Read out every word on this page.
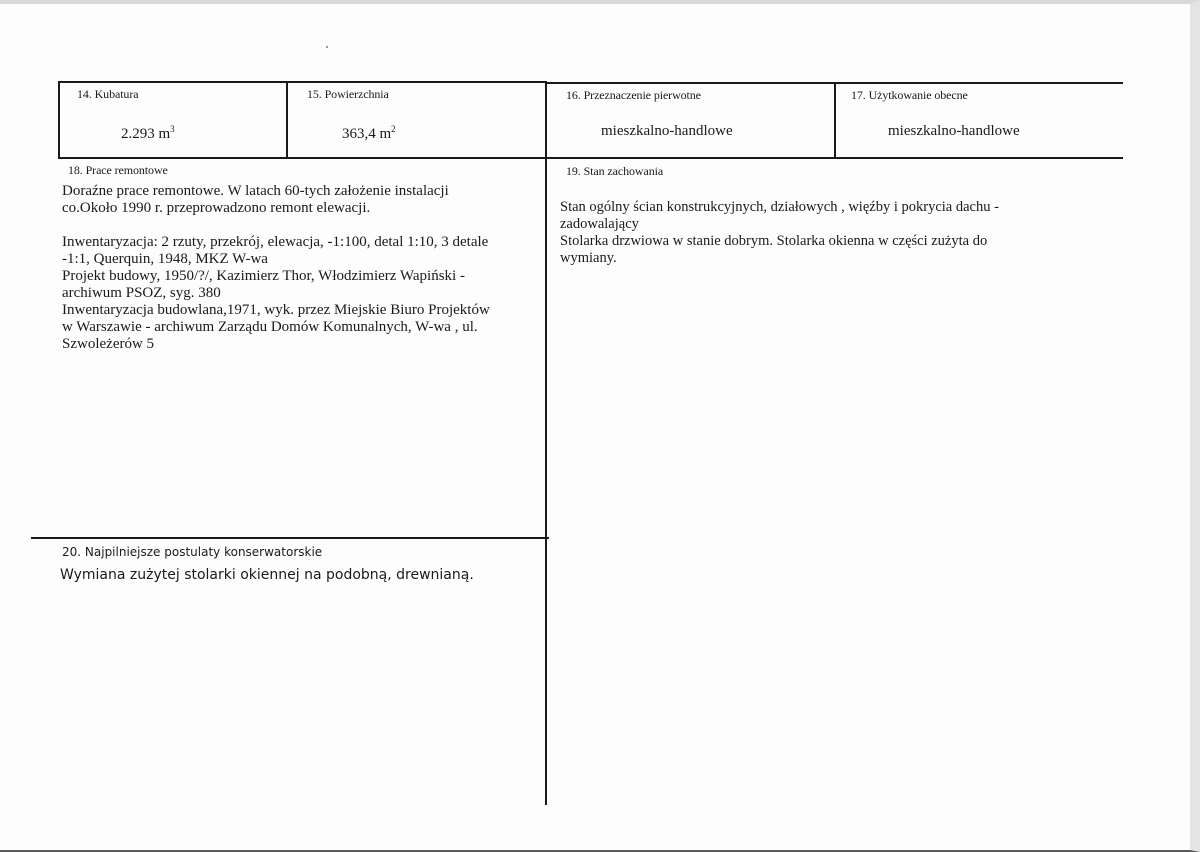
14. Kubatura
2.293 $m^3$
15. Powierzchnia
363,4 $m^2$
16. Przeznaczenie pierwotne
mieszkalno-handlowe
17. Użytkowanie obecne
mieszkalno-handlowe
18. Prace remontowe

Doraźne prace remontowe. W latach 60-tych założenie instalacji

co.Około 1990 r. przeprowadzono remont elewacji.

Inwentaryzacja: 2 rzuty, przekrój, elewacja, -1:100, detal 1:10, 3 detale

-1:1, Querquin, 1948, MKZ W-wa

Projekt budowy, 1950/?/, Kazimierz Thor, Włodzimierz Wapiński -

archiwum PSOZ, syg. 380

Inwentaryzacja budowlana,1971, wyk. przez Miejskie Biuro Projektów

w Warszawie - archiwum Zarządu Domów Komunalnych, W-wa , ul.

Szwoleżerów 5

19. Stan zachowania

Stan ogólny ścian konstrukcyjnych, działowych , więźby i pokrycia dachu -

zadowalający

Stolarka drzwiowa w stanie dobrym. Stolarka okienna w części zużyta do

wymiany.

20. Najpilniejsze postulaty konserwatorskie
Wymiana zużytej stolarki okiennej na podobną, drewnianą.
